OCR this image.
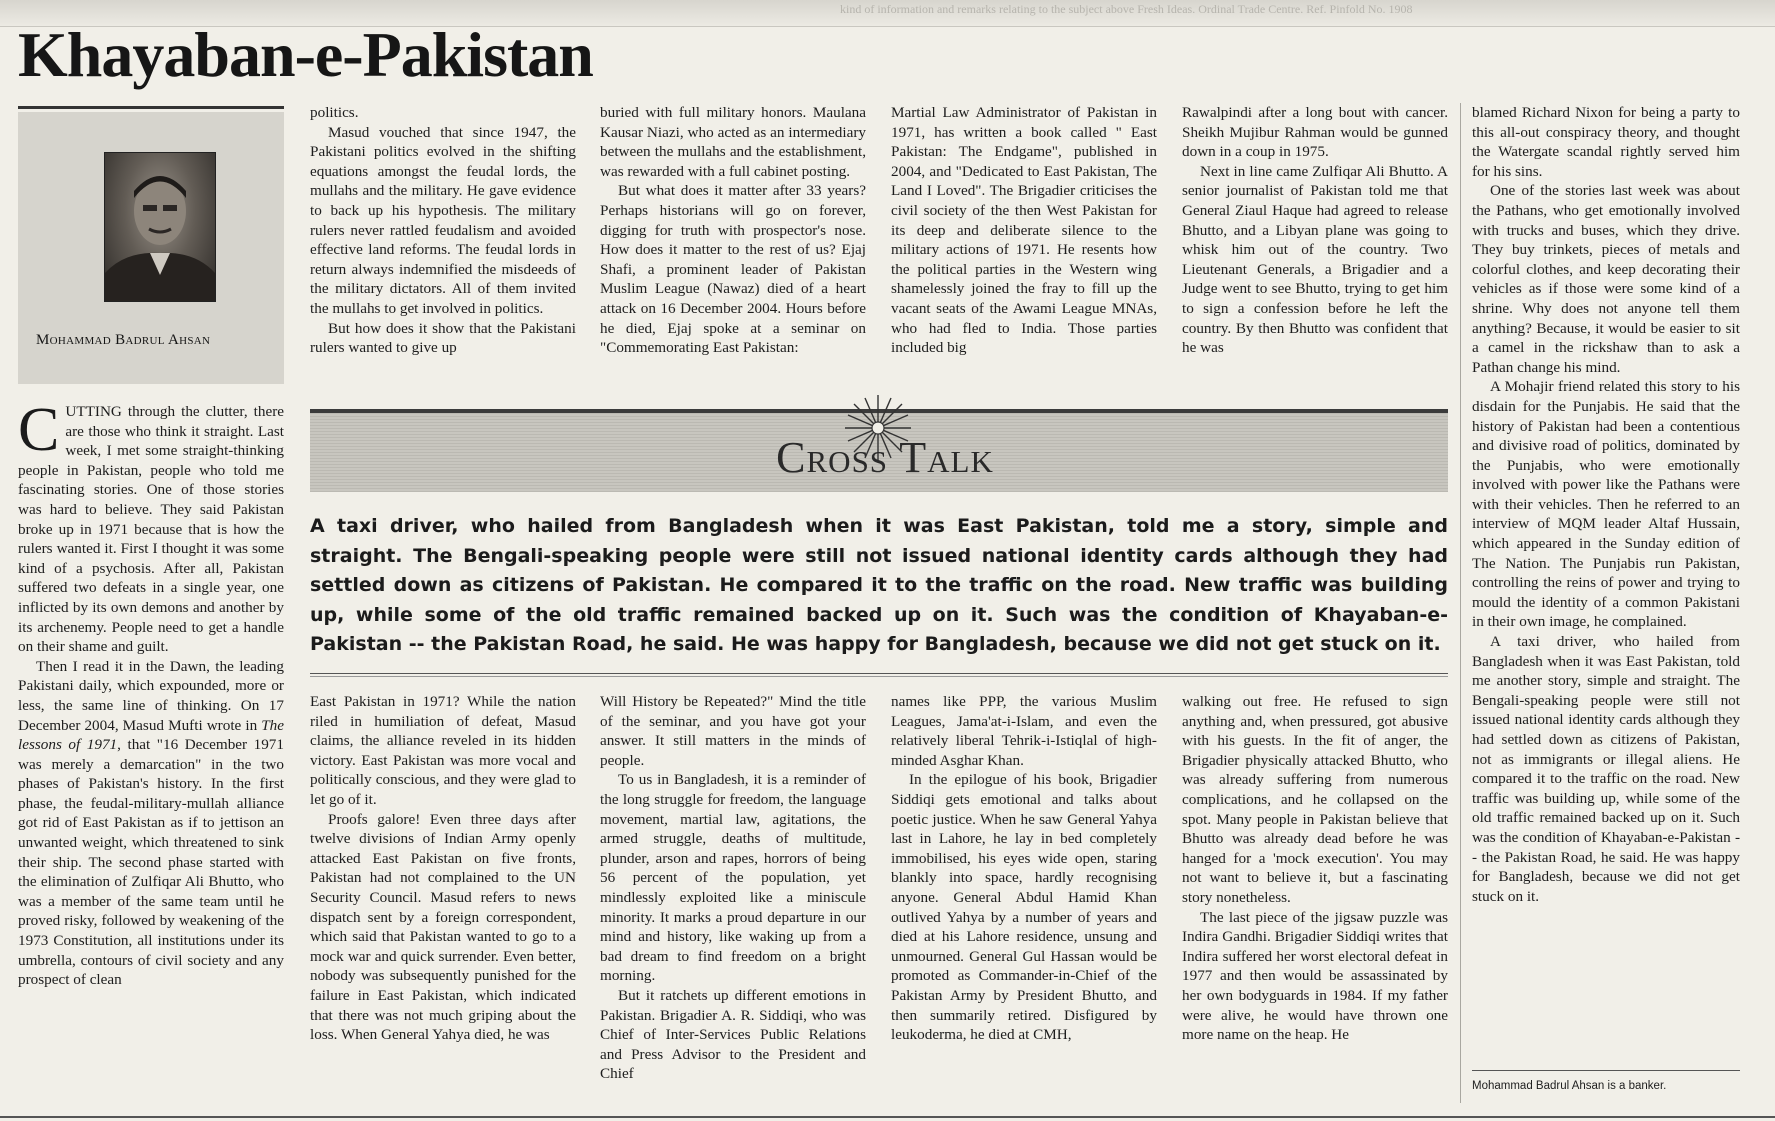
kind of information and remarks relating to the subject above Fresh Ideas. Ordinal Trade Centre. Ref. Pinfold No. 1908
Khayaban-e-Pakistan
Mohammad Badrul Ahsan

CUTTING through the clutter, there are those who think it straight. Last week, I met some straight-thinking people in Pakistan, people who told me fascinating stories. One of those stories was hard to believe. They said Pakistan broke up in 1971 because that is how the rulers wanted it. First I thought it was some kind of a psychosis. After all, Pakistan suffered two defeats in a single year, one inflicted by its own demons and another by its archenemy. People need to get a handle on their shame and guilt.

Then I read it in the Dawn, the leading Pakistani daily, which expounded, more or less, the same line of thinking. On 17 December 2004, Masud Mufti wrote in The lessons of 1971, that "16 December 1971 was merely a demarcation" in the two phases of Pakistan's history. In the first phase, the feudal-military-mullah alliance got rid of East Pakistan as if to jettison an unwanted weight, which threatened to sink their ship. The second phase started with the elimination of Zulfiqar Ali Bhutto, who was a member of the same team until he proved risky, followed by weakening of the 1973 Constitution, all institutions under its umbrella, contours of civil society and any prospect of clean

politics.

Masud vouched that since 1947, the Pakistani politics evolved in the shifting equations amongst the feudal lords, the mullahs and the military. He gave evidence to back up his hypothesis. The military rulers never rattled feudalism and avoided effective land reforms. The feudal lords in return always indemnified the misdeeds of the military dictators. All of them invited the mullahs to get involved in politics.

But how does it show that the Pakistani rulers wanted to give up

buried with full military honors. Maulana Kausar Niazi, who acted as an intermediary between the mullahs and the establishment, was rewarded with a full cabinet posting.

But what does it matter after 33 years? Perhaps historians will go on forever, digging for truth with prospector's nose. How does it matter to the rest of us? Ejaj Shafi, a prominent leader of Pakistan Muslim League (Nawaz) died of a heart attack on 16 December 2004. Hours before he died, Ejaj spoke at a seminar on "Commemorating East Pakistan:

Martial Law Administrator of Pakistan in 1971, has written a book called " East Pakistan: The Endgame", published in 2004, and "Dedicated to East Pakistan, The Land I Loved". The Brigadier criticises the civil society of the then West Pakistan for its deep and deliberate silence to the military actions of 1971. He resents how the political parties in the Western wing shamelessly joined the fray to fill up the vacant seats of the Awami League MNAs, who had fled to India. Those parties included big

Rawalpindi after a long bout with cancer. Sheikh Mujibur Rahman would be gunned down in a coup in 1975.

Next in line came Zulfiqar Ali Bhutto. A senior journalist of Pakistan told me that General Ziaul Haque had agreed to release Bhutto, and a Libyan plane was going to whisk him out of the country. Two Lieutenant Generals, a Brigadier and a Judge went to see Bhutto, trying to get him to sign a confession before he left the country. By then Bhutto was confident that he was

blamed Richard Nixon for being a party to this all-out conspiracy theory, and thought the Watergate scandal rightly served him for his sins.

One of the stories last week was about the Pathans, who get emotionally involved with trucks and buses, which they drive. They buy trinkets, pieces of metals and colorful clothes, and keep decorating their vehicles as if those were some kind of a shrine. Why does not anyone tell them anything? Because, it would be easier to sit a camel in the rickshaw than to ask a Pathan change his mind.

A Mohajir friend related this story to his disdain for the Punjabis. He said that the history of Pakistan had been a contentious and divisive road of politics, dominated by the Punjabis, who were emotionally involved with power like the Pathans were with their vehicles. Then he referred to an interview of MQM leader Altaf Hussain, which appeared in the Sunday edition of The Nation. The Punjabis run Pakistan, controlling the reins of power and trying to mould the identity of a common Pakistani in their own image, he complained.

A taxi driver, who hailed from Bangladesh when it was East Pakistan, told me another story, simple and straight. The Bengali-speaking people were still not issued national identity cards although they had settled down as citizens of Pakistan, not as immigrants or illegal aliens. He compared it to the traffic on the road. New traffic was building up, while some of the old traffic remained backed up on it. Such was the condition of Khayaban-e-Pakistan -- the Pakistan Road, he said. He was happy for Bangladesh, because we did not get stuck on it.

Cross Talk

A taxi driver, who hailed from Bangladesh when it was East Pakistan, told me a story, simple and straight. The Bengali-speaking people were still not issued national identity cards although they had settled down as citizens of Pakistan. He compared it to the traffic on the road. New traffic was building up, while some of the old traffic remained backed up on it. Such was the condition of Khayaban-e-Pakistan -- the Pakistan Road, he said. He was happy for Bangladesh, because we did not get stuck on it.

East Pakistan in 1971? While the nation riled in humiliation of defeat, Masud claims, the alliance reveled in its hidden victory. East Pakistan was more vocal and politically conscious, and they were glad to let go of it.

Proofs galore! Even three days after twelve divisions of Indian Army openly attacked East Pakistan on five fronts, Pakistan had not complained to the UN Security Council. Masud refers to news dispatch sent by a foreign correspondent, which said that Pakistan wanted to go to a mock war and quick surrender. Even better, nobody was subsequently punished for the failure in East Pakistan, which indicated that there was not much griping about the loss. When General Yahya died, he was

Will History be Repeated?" Mind the title of the seminar, and you have got your answer. It still matters in the minds of people.

To us in Bangladesh, it is a reminder of the long struggle for freedom, the language movement, martial law, agitations, the armed struggle, deaths of multitude, plunder, arson and rapes, horrors of being 56 percent of the population, yet mindlessly exploited like a miniscule minority. It marks a proud departure in our mind and history, like waking up from a bad dream to find freedom on a bright morning.

But it ratchets up different emotions in Pakistan. Brigadier A. R. Siddiqi, who was Chief of Inter-Services Public Relations and Press Advisor to the President and Chief

names like PPP, the various Muslim Leagues, Jama'at-i-Islam, and even the relatively liberal Tehrik-i-Istiqlal of high-minded Asghar Khan.

In the epilogue of his book, Brigadier Siddiqi gets emotional and talks about poetic justice. When he saw General Yahya last in Lahore, he lay in bed completely immobilised, his eyes wide open, staring blankly into space, hardly recognising anyone. General Abdul Hamid Khan outlived Yahya by a number of years and died at his Lahore residence, unsung and unmourned. General Gul Hassan would be promoted as Commander-in-Chief of the Pakistan Army by President Bhutto, and then summarily retired. Disfigured by leukoderma, he died at CMH,

walking out free. He refused to sign anything and, when pressured, got abusive with his guests. In the fit of anger, the Brigadier physically attacked Bhutto, who was already suffering from numerous complications, and he collapsed on the spot. Many people in Pakistan believe that Bhutto was already dead before he was hanged for a 'mock execution'. You may not want to believe it, but a fascinating story nonetheless.

The last piece of the jigsaw puzzle was Indira Gandhi. Brigadier Siddiqi writes that Indira suffered her worst electoral defeat in 1977 and then would be assassinated by her own bodyguards in 1984. If my father were alive, he would have thrown one more name on the heap. He

Mohammad Badrul Ahsan is a banker.
